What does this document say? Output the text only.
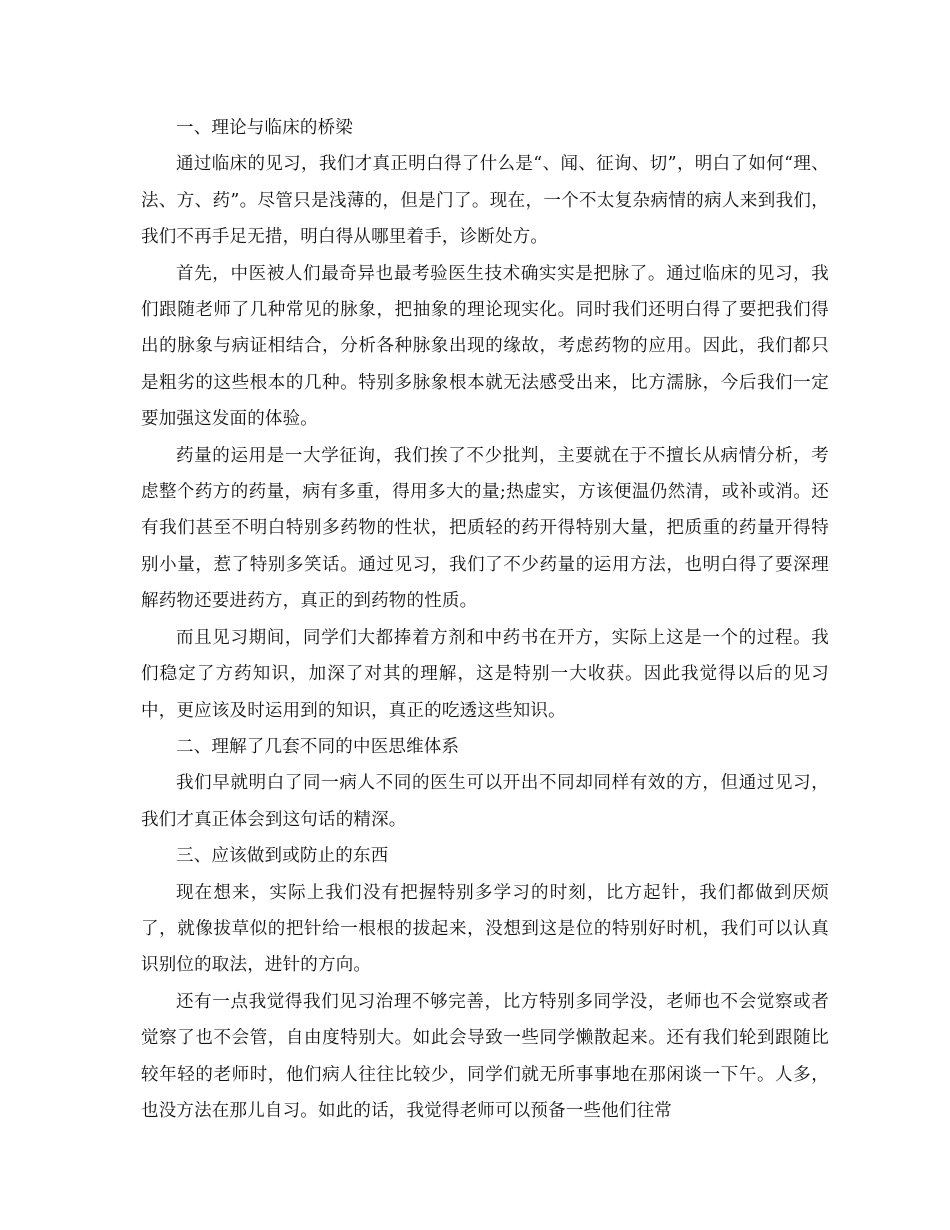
一、理论与临床的桥梁

通过临床的见习，我们才真正明白得了什么是“、闻、征询、切”，明白了如何“理、法、方、药”。尽管只是浅薄的，但是门了。现在，一个不太复杂病情的病人来到我们，我们不再手足无措，明白得从哪里着手，诊断处方。

首先，中医被人们最奇异也最考验医生技术确实实是把脉了。通过临床的见习，我们跟随老师了几种常见的脉象，把抽象的理论现实化。同时我们还明白得了要把我们得出的脉象与病证相结合，分析各种脉象出现的缘故，考虑药物的应用。因此，我们都只是粗劣的这些根本的几种。特别多脉象根本就无法感受出来，比方濡脉，今后我们一定要加强这发面的体验。

药量的运用是一大学征询，我们挨了不少批判，主要就在于不擅长从病情分析，考虑整个药方的药量，病有多重，得用多大的量;热虚实，方该便温仍然清，或补或消。还有我们甚至不明白特别多药物的性状，把质轻的药开得特别大量，把质重的药量开得特别小量，惹了特别多笑话。通过见习，我们了不少药量的运用方法，也明白得了要深理解药物还要进药方，真正的到药物的性质。

而且见习期间，同学们大都捧着方剂和中药书在开方，实际上这是一个的过程。我们稳定了方药知识，加深了对其的理解，这是特别一大收获。因此我觉得以后的见习中，更应该及时运用到的知识，真正的吃透这些知识。

二、理解了几套不同的中医思维体系

我们早就明白了同一病人不同的医生可以开出不同却同样有效的方，但通过见习，我们才真正体会到这句话的精深。

三、应该做到或防止的东西

现在想来，实际上我们没有把握特别多学习的时刻，比方起针，我们都做到厌烦了，就像拔草似的把针给一根根的拔起来，没想到这是位的特别好时机，我们可以认真识别位的取法，进针的方向。

还有一点我觉得我们见习治理不够完善，比方特别多同学没，老师也不会觉察或者觉察了也不会管，自由度特别大。如此会导致一些同学懒散起来。还有我们轮到跟随比较年轻的老师时，他们病人往往比较少，同学们就无所事事地在那闲谈一下午。人多，也没方法在那儿自习。如此的话，我觉得老师可以预备一些他们往常
